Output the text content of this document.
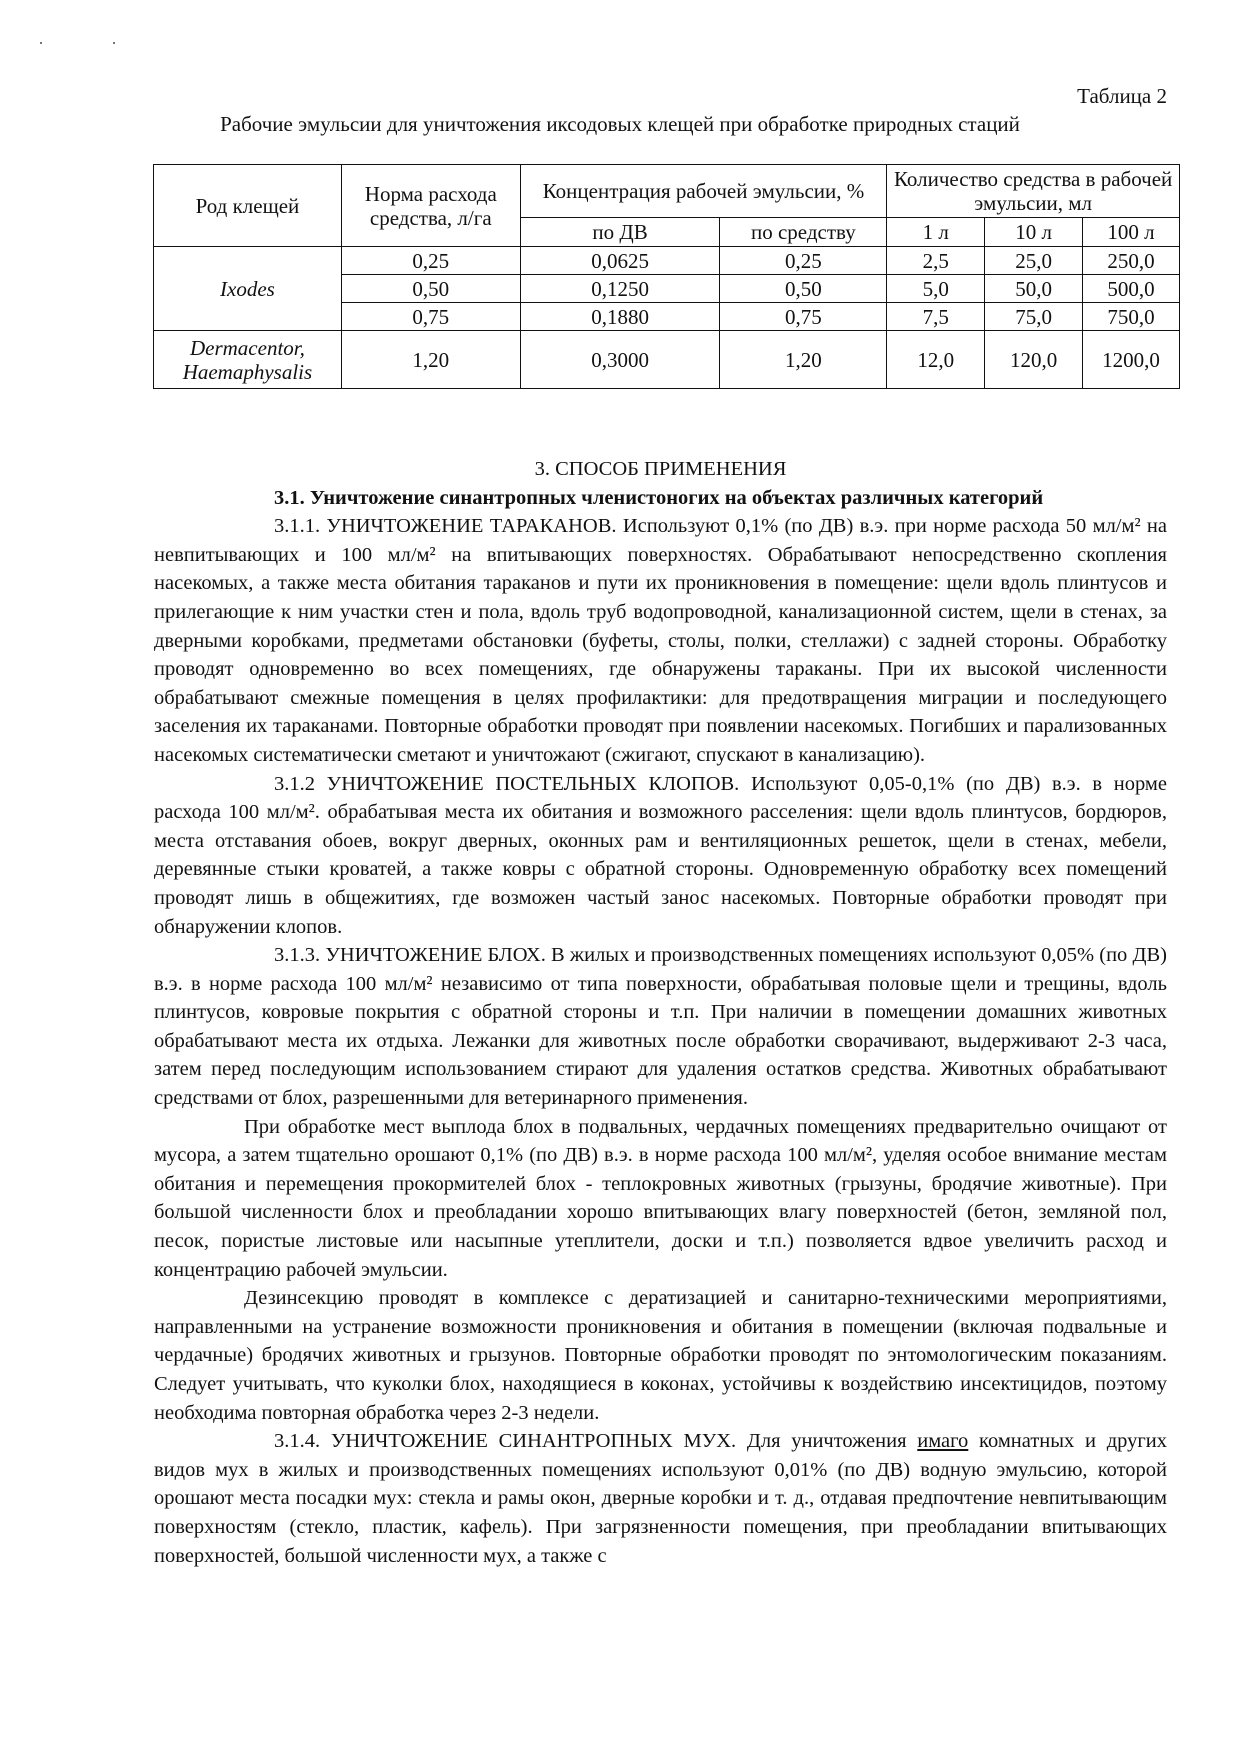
Таблица 2
Рабочие эмульсии для уничтожения иксодовых клещей при обработке природных стаций
Род клещей	Норма расхода средства, л/га	Концентрация рабочей эмульсии, %		Количество средства в рабочей эмульсии, мл		
		по ДВ	по средству	1 л	10 л	100 л
Ixodes	0,25	0,0625	0,25	2,5	25,0	250,0
	0,50	0,1250	0,50	5,0	50,0	500,0
	0,75	0,1880	0,75	7,5	75,0	750,0
Dermacentor, Haemaphysalis	1,20	0,3000	1,20	12,0	120,0	1200,0

3. СПОСОБ ПРИМЕНЕНИЯ

3.1. Уничтожение синантропных членистоногих на объектах различных категорий

3.1.1. УНИЧТОЖЕНИЕ ТАРАКАНОВ. Используют 0,1% (по ДВ) в.э. при норме расхода 50 мл/м² на невпитывающих и 100 мл/м² на впитывающих поверхностях. Обрабатывают непосредственно скопления насекомых, а также места обитания тараканов и пути их проникновения в помещение: щели вдоль плинтусов и прилегающие к ним участки стен и пола, вдоль труб водопроводной, канализационной систем, щели в стенах, за дверными коробками, предметами обстановки (буфеты, столы, полки, стеллажи) с задней стороны. Обработку проводят одновременно во всех помещениях, где обнаружены тараканы. При их высокой численности обрабатывают смежные помещения в целях профилактики: для предотвращения миграции и последующего заселения их тараканами. Повторные обработки проводят при появлении насекомых. Погибших и парализованных насекомых систематически сметают и уничтожают (сжигают, спускают в канализацию).

3.1.2 УНИЧТОЖЕНИЕ ПОСТЕЛЬНЫХ КЛОПОВ. Используют 0,05-0,1% (по ДВ) в.э. в норме расхода 100 мл/м². обрабатывая места их обитания и возможного расселения: щели вдоль плинтусов, бордюров, места отставания обоев, вокруг дверных, оконных рам и вентиляционных решеток, щели в стенах, мебели, деревянные стыки кроватей, а также ковры с обратной стороны. Одновременную обработку всех помещений проводят лишь в общежитиях, где возможен частый занос насекомых. Повторные обработки проводят при обнаружении клопов.

3.1.3. УНИЧТОЖЕНИЕ БЛОХ. В жилых и производственных помещениях используют 0,05% (по ДВ) в.э. в норме расхода 100 мл/м² независимо от типа поверхности, обрабатывая половые щели и трещины, вдоль плинтусов, ковровые покрытия с обратной стороны и т.п. При наличии в помещении домашних животных обрабатывают места их отдыха. Лежанки для животных после обработки сворачивают, выдерживают 2-3 часа, затем перед последующим использованием стирают для удаления остатков средства. Животных обрабатывают средствами от блох, разрешенными для ветеринарного применения.

При обработке мест выплода блох в подвальных, чердачных помещениях предварительно очищают от мусора, а затем тщательно орошают 0,1% (по ДВ) в.э. в норме расхода 100 мл/м², уделяя особое внимание местам обитания и перемещения прокормителей блох - теплокровных животных (грызуны, бродячие животные). При большой численности блох и преобладании хорошо впитывающих влагу поверхностей (бетон, земляной пол, песок, пористые листовые или насыпные утеплители, доски и т.п.) позволяется вдвое увеличить расход и концентрацию рабочей эмульсии.

Дезинсекцию проводят в комплексе с дератизацией и санитарно-техническими мероприятиями, направленными на устранение возможности проникновения и обитания в помещении (включая подвальные и чердачные) бродячих животных и грызунов. Повторные обработки проводят по энтомологическим показаниям. Следует учитывать, что куколки блох, находящиеся в коконах, устойчивы к воздействию инсектицидов, поэтому необходима повторная обработка через 2-3 недели.

3.1.4. УНИЧТОЖЕНИЕ СИНАНТРОПНЫХ МУХ. Для уничтожения имаго комнатных и других видов мух в жилых и производственных помещениях используют 0,01% (по ДВ) водную эмульсию, которой орошают места посадки мух: стекла и рамы окон, дверные коробки и т. д., отдавая предпочтение невпитывающим поверхностям (стекло, пластик, кафель). При загрязненности помещения, при преобладании впитывающих поверхностей, большой численности мух, а также с
